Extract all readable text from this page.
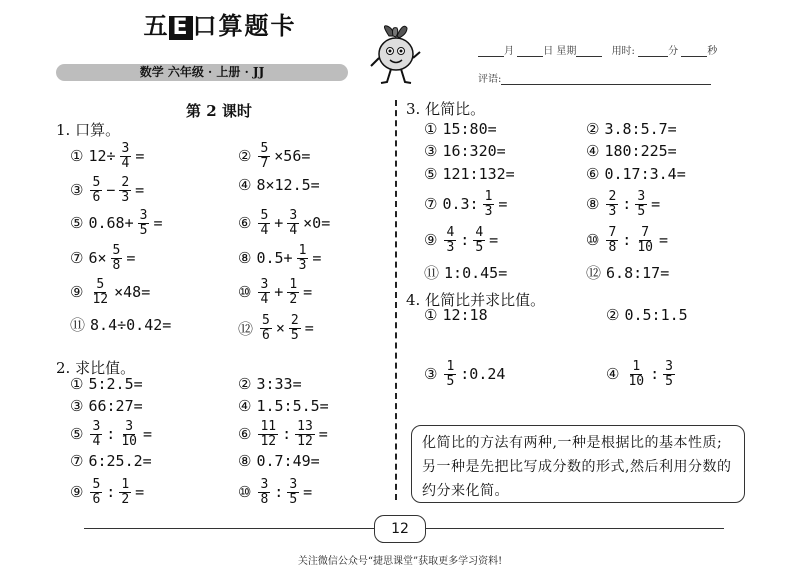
五 E 口算题卡
数学 六年级 · 上册 · JJ
月	日 星期	用时:	分	秒
评语:
第 2 课时
1. 口算。
① $12\div \frac{3}{4}$ =	② $\frac{5}{7} \times 56=$
③ $\frac{5}{6} - \frac{2}{3}$ =	④ 8×12.5=
⑤ $0.68+ \frac{3}{5}$ =	⑥ $\frac{5}{4} + \frac{3}{4} \times 0=$
⑦ $6\times \frac{5}{8}$ =	⑧ $0.5+ \frac{1}{3}$ =
⑨ $\frac{5}{12} \times 48=$	⑩ $\frac{3}{4} + \frac{1}{2}$ =
⑪ 8.4÷0.42=	⑫ $\frac{5}{6} \times \frac{2}{5}$ =
2. 求比值。
① 5:2.5=	② 3:33=
③ 66:27=	④ 1.5:5.5=
⑤ $\frac{3}{4}$ : $\frac{3}{10}$ =	⑥ $\frac{11}{12}$ : $\frac{13}{12}$ =
⑦ 6:25.2=	⑧ 0.7:49=
⑨ $\frac{5}{6}$ : $\frac{1}{2}$ =	⑩ $\frac{3}{8}$ : $\frac{3}{5}$ =
3. 化简比。
① 15:80=	② 3.8:5.7=
③ 16:320=	④ 180:225=
⑤ 121:132=	⑥ 0.17:3.4=
⑦ 0.3: $\frac{1}{3}$ =	⑧ $\frac{2}{3}$ : $\frac{3}{5}$ =
⑨ $\frac{4}{3}$ : $\frac{4}{5}$ =	⑩ $\frac{7}{8}$ : $\frac{7}{10}$ =
⑪ 1:0.45=	⑫ 6.8:17=
4. 化简比并求比值。
① 12:18	② 0.5:1.5
③ $\frac{1}{5}$ :0.24	④ $\frac{1}{10}$ : $\frac{3}{5}$
化简比的方法有两种,一种是根据比的基本性质;另一种是先把比写成分数的形式,然后利用分数的约分来化简。
12
关注微信公众号“捷思课堂”获取更多学习资料!
